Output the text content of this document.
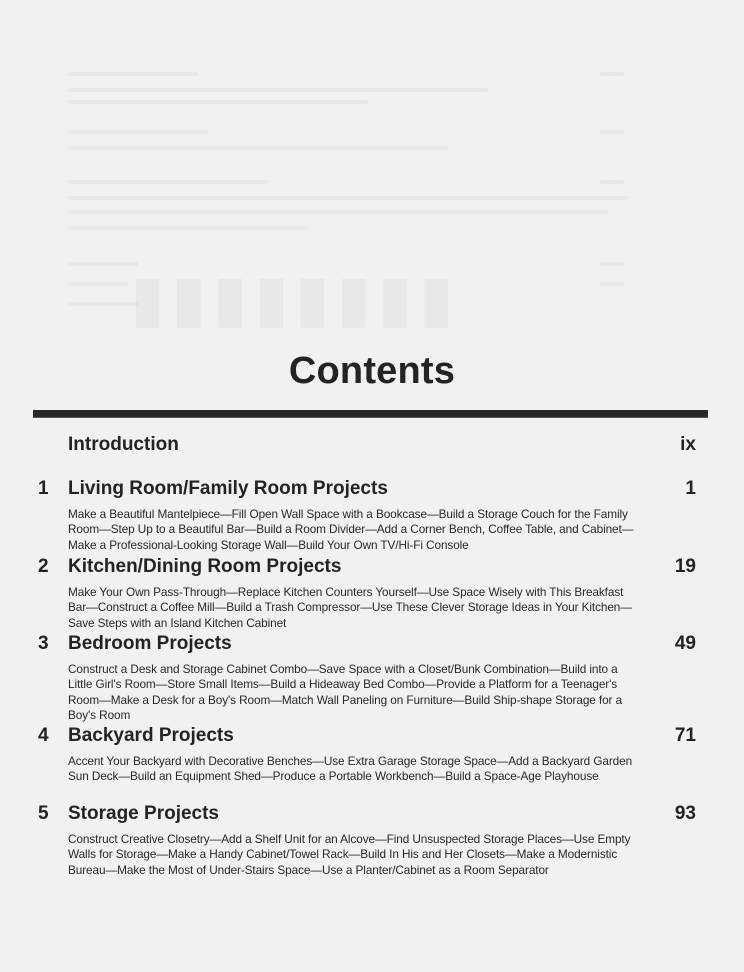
▮▮▮▮▮▮▮▮
Contents
Introduction	ix
1 Living Room/Family Room Projects	1
Make a Beautiful Mantelpiece—Fill Open Wall Space with a Bookcase—Build a Storage Couch for the Family Room—Step Up to a Beautiful Bar—Build a Room Divider—Add a Corner Bench, Coffee Table, and Cabinet—Make a Professional-Looking Storage Wall—Build Your Own TV/Hi-Fi Console
2 Kitchen/Dining Room Projects	19
Make Your Own Pass-Through—Replace Kitchen Counters Yourself—Use Space Wisely with This Breakfast Bar—Construct a Coffee Mill—Build a Trash Compressor—Use These Clever Storage Ideas in Your Kitchen—Save Steps with an Island Kitchen Cabinet
3 Bedroom Projects	49
Construct a Desk and Storage Cabinet Combo—Save Space with a Closet/Bunk Combination—Build into a Little Girl's Room—Store Small Items—Build a Hideaway Bed Combo—Provide a Platform for a Teenager's Room—Make a Desk for a Boy's Room—Match Wall Paneling on Furniture—Build Ship-shape Storage for a Boy's Room
4 Backyard Projects	71
Accent Your Backyard with Decorative Benches—Use Extra Garage Storage Space—Add a Backyard Garden Sun Deck—Build an Equipment Shed—Produce a Portable Workbench—Build a Space-Age Playhouse
5 Storage Projects	93
Construct Creative Closetry—Add a Shelf Unit for an Alcove—Find Unsuspected Storage Places—Use Empty Walls for Storage—Make a Handy Cabinet/Towel Rack—Build In His and Her Closets—Make a Modernistic Bureau—Make the Most of Under-Stairs Space—Use a Planter/Cabinet as a Room Separator
